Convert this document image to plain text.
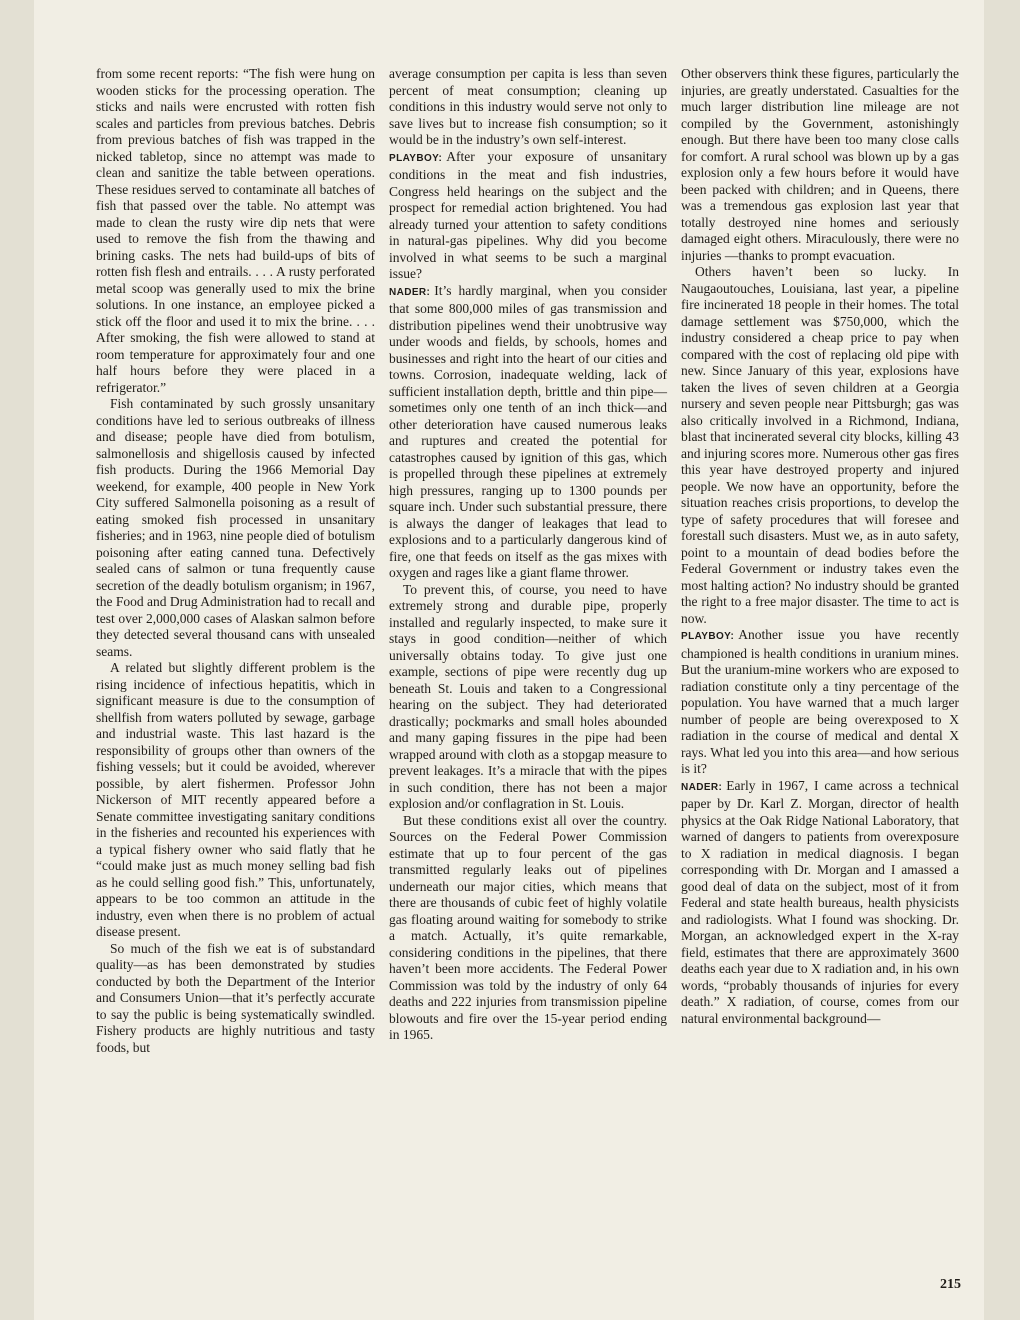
from some recent reports: “The fish were hung on wooden sticks for the processing operation. The sticks and nails were encrusted with rotten fish scales and particles from previous batches. Debris from previous batches of fish was trapped in the nicked tabletop, since no attempt was made to clean and sanitize the table between operations. These residues served to contaminate all batches of fish that passed over the table. No attempt was made to clean the rusty wire dip nets that were used to remove the fish from the thawing and brining casks. The nets had build-ups of bits of rotten fish flesh and entrails. . . . A rusty perforated metal scoop was generally used to mix the brine solutions. In one instance, an employee picked a stick off the floor and used it to mix the brine. . . . After smoking, the fish were allowed to stand at room temperature for approximately four and one half hours before they were placed in a refrigerator.”

Fish contaminated by such grossly unsanitary conditions have led to serious outbreaks of illness and disease; people have died from botulism, salmonellosis and shigellosis caused by infected fish products. During the 1966 Memorial Day weekend, for example, 400 people in New York City suffered Salmonella poisoning as a result of eating smoked fish processed in unsanitary fisheries; and in 1963, nine people died of botulism poisoning after eating canned tuna. Defectively sealed cans of salmon or tuna frequently cause secretion of the deadly botulism organism; in 1967, the Food and Drug Administration had to recall and test over 2,000,000 cases of Alaskan salmon before they detected several thousand cans with unsealed seams.

A related but slightly different problem is the rising incidence of infectious hepatitis, which in significant measure is due to the consumption of shellfish from waters polluted by sewage, garbage and industrial waste. This last hazard is the responsibility of groups other than owners of the fishing vessels; but it could be avoided, wherever possible, by alert fishermen. Professor John Nickerson of MIT recently appeared before a Senate committee investigating sanitary conditions in the fisheries and recounted his experiences with a typical fishery owner who said flatly that he “could make just as much money selling bad fish as he could selling good fish.” This, unfortunately, appears to be too common an attitude in the industry, even when there is no problem of actual disease present.

So much of the fish we eat is of substandard quality—as has been demonstrated by studies conducted by both the Department of the Interior and Consumers Union—that it’s perfectly accurate to say the public is being systematically swindled. Fishery products are highly nutritious and tasty foods, but

average consumption per capita is less than seven percent of meat consumption; cleaning up conditions in this industry would serve not only to save lives but to increase fish consumption; so it would be in the industry’s own self-interest.

PLAYBOY: After your exposure of unsanitary conditions in the meat and fish industries, Congress held hearings on the subject and the prospect for remedial action brightened. You had already turned your attention to safety conditions in natural-gas pipelines. Why did you become involved in what seems to be such a marginal issue?

NADER: It’s hardly marginal, when you consider that some 800,000 miles of gas transmission and distribution pipelines wend their unobtrusive way under woods and fields, by schools, homes and businesses and right into the heart of our cities and towns. Corrosion, inadequate welding, lack of sufficient installation depth, brittle and thin pipe—sometimes only one tenth of an inch thick—and other deterioration have caused numerous leaks and ruptures and created the potential for catastrophes caused by ignition of this gas, which is propelled through these pipelines at extremely high pressures, ranging up to 1300 pounds per square inch. Under such substantial pressure, there is always the danger of leakages that lead to explosions and to a particularly dangerous kind of fire, one that feeds on itself as the gas mixes with oxygen and rages like a giant flame thrower.

To prevent this, of course, you need to have extremely strong and durable pipe, properly installed and regularly inspected, to make sure it stays in good condition—neither of which universally obtains today. To give just one example, sections of pipe were recently dug up beneath St. Louis and taken to a Congressional hearing on the subject. They had deteriorated drastically; pockmarks and small holes abounded and many gaping fissures in the pipe had been wrapped around with cloth as a stopgap measure to prevent leakages. It’s a miracle that with the pipes in such condition, there has not been a major explosion and/or conflagration in St. Louis.

But these conditions exist all over the country. Sources on the Federal Power Commission estimate that up to four percent of the gas transmitted regularly leaks out of pipelines underneath our major cities, which means that there are thousands of cubic feet of highly volatile gas floating around waiting for somebody to strike a match. Actually, it’s quite remarkable, considering conditions in the pipelines, that there haven’t been more accidents. The Federal Power Commission was told by the industry of only 64 deaths and 222 injuries from transmission pipeline blowouts and fire over the 15-year period ending in 1965.

Other observers think these figures, particularly the injuries, are greatly understated. Casualties for the much larger distribution line mileage are not compiled by the Government, astonishingly enough. But there have been too many close calls for comfort. A rural school was blown up by a gas explosion only a few hours before it would have been packed with children; and in Queens, there was a tremendous gas explosion last year that totally destroyed nine homes and seriously damaged eight others. Miraculously, there were no injuries —thanks to prompt evacuation.

Others haven’t been so lucky. In Naugaoutouches, Louisiana, last year, a pipeline fire incinerated 18 people in their homes. The total damage settlement was $750,000, which the industry considered a cheap price to pay when compared with the cost of replacing old pipe with new. Since January of this year, explosions have taken the lives of seven children at a Georgia nursery and seven people near Pittsburgh; gas was also critically involved in a Richmond, Indiana, blast that incinerated several city blocks, killing 43 and injuring scores more. Numerous other gas fires this year have destroyed property and injured people. We now have an opportunity, before the situation reaches crisis proportions, to develop the type of safety procedures that will foresee and forestall such disasters. Must we, as in auto safety, point to a mountain of dead bodies before the Federal Government or industry takes even the most halting action? No industry should be granted the right to a free major disaster. The time to act is now.

PLAYBOY: Another issue you have recently championed is health conditions in uranium mines. But the uranium-mine workers who are exposed to radiation constitute only a tiny percentage of the population. You have warned that a much larger number of people are being overexposed to X radiation in the course of medical and dental X rays. What led you into this area—and how serious is it?

NADER: Early in 1967, I came across a technical paper by Dr. Karl Z. Morgan, director of health physics at the Oak Ridge National Laboratory, that warned of dangers to patients from overexposure to X radiation in medical diagnosis. I began corresponding with Dr. Morgan and I amassed a good deal of data on the subject, most of it from Federal and state health bureaus, health physicists and radiologists. What I found was shocking. Dr. Morgan, an acknowledged expert in the X-ray field, estimates that there are approximately 3600 deaths each year due to X radiation and, in his own words, “probably thousands of injuries for every death.” X radiation, of course, comes from our natural environmental background—

215
